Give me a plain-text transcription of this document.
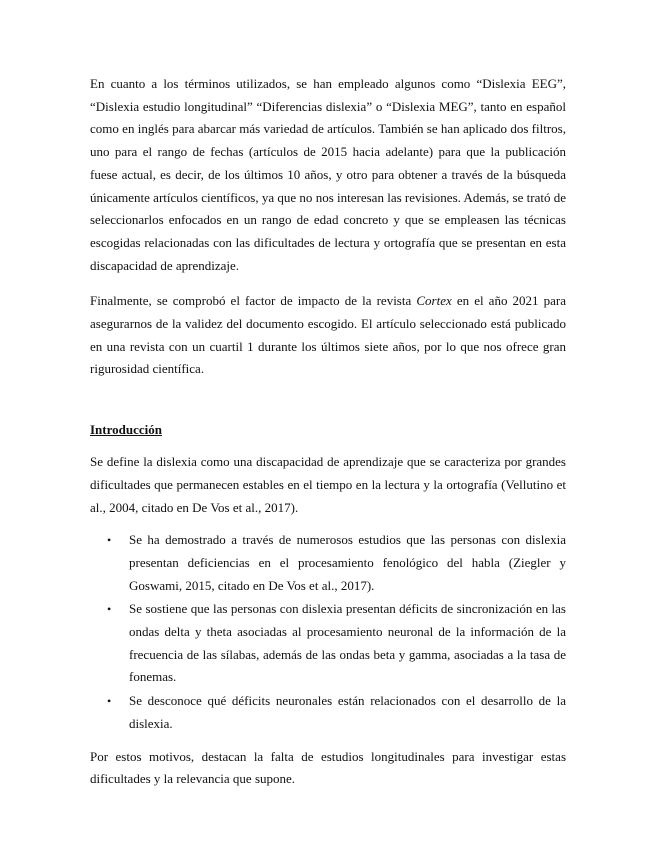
En cuanto a los términos utilizados, se han empleado algunos como “Dislexia EEG”, “Dislexia estudio longitudinal” “Diferencias dislexia” o “Dislexia MEG”, tanto en español como en inglés para abarcar más variedad de artículos. También se han aplicado dos filtros, uno para el rango de fechas (artículos de 2015 hacia adelante) para que la publicación fuese actual, es decir, de los últimos 10 años, y otro para obtener a través de la búsqueda únicamente artículos científicos, ya que no nos interesan las revisiones. Además, se trató de seleccionarlos enfocados en un rango de edad concreto y que se empleasen las técnicas escogidas relacionadas con las dificultades de lectura y ortografía que se presentan en esta discapacidad de aprendizaje.

Finalmente, se comprobó el factor de impacto de la revista Cortex en el año 2021 para asegurarnos de la validez del documento escogido. El artículo seleccionado está publicado en una revista con un cuartil 1 durante los últimos siete años, por lo que nos ofrece gran rigurosidad científica.

Introducción

Se define la dislexia como una discapacidad de aprendizaje que se caracteriza por grandes dificultades que permanecen estables en el tiempo en la lectura y la ortografía (Vellutino et al., 2004, citado en De Vos et al., 2017).

• Se ha demostrado a través de numerosos estudios que las personas con dislexia presentan deficiencias en el procesamiento fenológico del habla (Ziegler y Goswami, 2015, citado en De Vos et al., 2017).
• Se sostiene que las personas con dislexia presentan déficits de sincronización en las ondas delta y theta asociadas al procesamiento neuronal de la información de la frecuencia de las sílabas, además de las ondas beta y gamma, asociadas a la tasa de fonemas.
• Se desconoce qué déficits neuronales están relacionados con el desarrollo de la dislexia.

Por estos motivos, destacan la falta de estudios longitudinales para investigar estas dificultades y la relevancia que supone.
